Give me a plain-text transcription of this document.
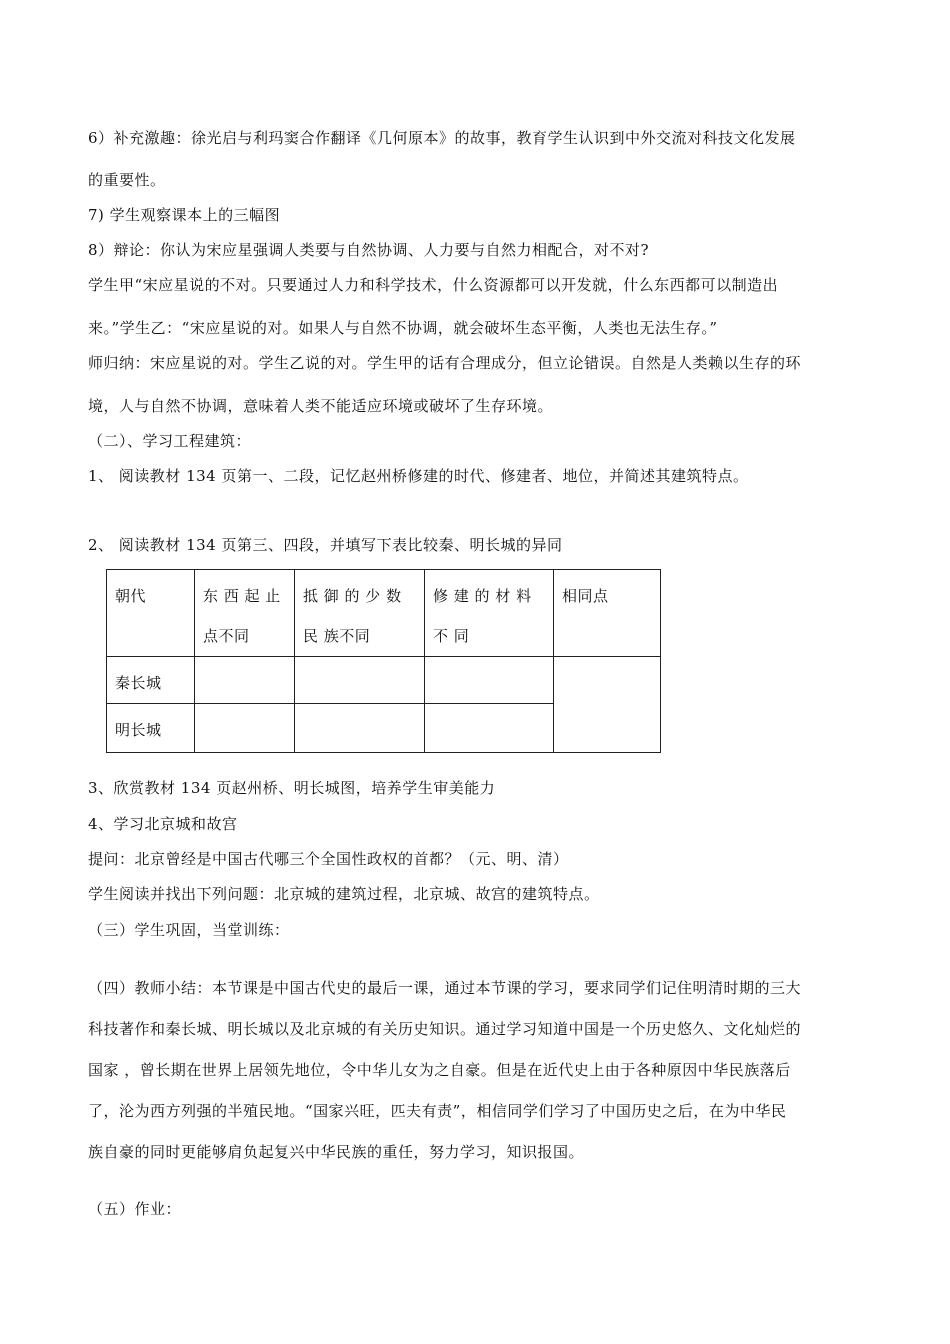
6）补充激趣：徐光启与利玛窦合作翻译《几何原本》的故事，教育学生认识到中外交流对科技文化发展
的重要性。
7) 学生观察课本上的三幅图
8）辩论：你认为宋应星强调人类要与自然协调、人力要与自然力相配合，对不对?
学生甲“宋应星说的不对。只要通过人力和科学技术，什么资源都可以开发就，什么东西都可以制造出
来。”学生乙：“宋应星说的对。如果人与自然不协调，就会破坏生态平衡，人类也无法生存。”
师归纳：宋应星说的对。学生乙说的对。学生甲的话有合理成分，但立论错误。自然是人类赖以生存的环
境，人与自然不协调，意味着人类不能适应环境或破坏了生存环境。
（二）、学习工程建筑：
1、 阅读教材 134 页第一、二段，记忆赵州桥修建的时代、修建者、地位，并简述其建筑特点。
2、 阅读教材 134 页第三、四段，并填写下表比较秦、明长城的异同
朝代	东 西 起 止 点不同	抵 御 的 少 数 民 族不同	修 建 的 材 料 不 同	相同点
秦长城				
明长城				
3、欣赏教材 134 页赵州桥、明长城图，培养学生审美能力
4、学习北京城和故宫
提问：北京曾经是中国古代哪三个全国性政权的首都？（元、明、清）
学生阅读并找出下列问题：北京城的建筑过程，北京城、故宫的建筑特点。
（三）学生巩固，当堂训练：
（四）教师小结：本节课是中国古代史的最后一课，通过本节课的学习，要求同学们记住明清时期的三大
科技著作和秦长城、明长城以及北京城的有关历史知识。通过学习知道中国是一个历史悠久、文化灿烂的
国家 ，曾长期在世界上居领先地位，令中华儿女为之自豪。但是在近代史上由于各种原因中华民族落后
了，沦为西方列强的半殖民地。“国家兴旺，匹夫有责”，相信同学们学习了中国历史之后，在为中华民
族自豪的同时更能够肩负起复兴中华民族的重任，努力学习，知识报国。
（五）作业：
